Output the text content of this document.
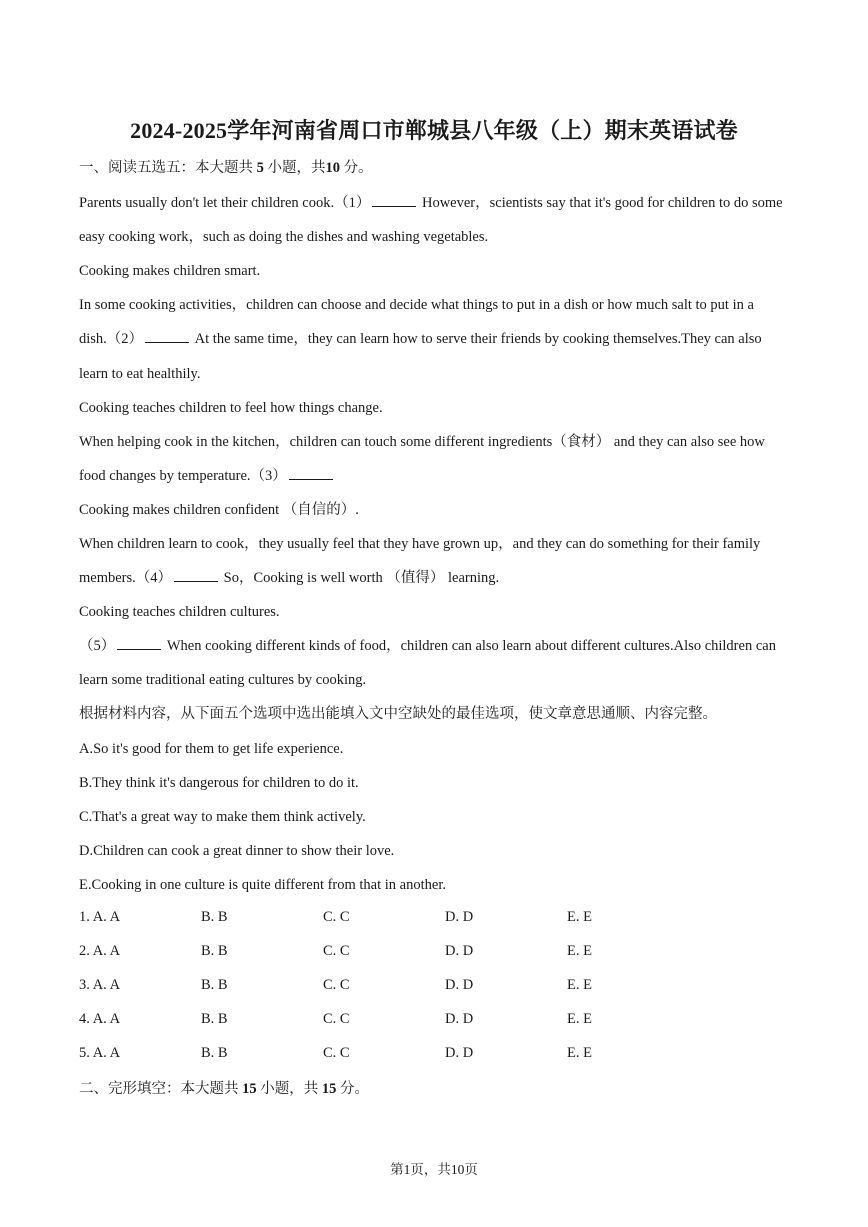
2024-2025学年河南省周口市郸城县八年级（上）期末英语试卷
一、阅读五选五：本大题共 5 小题，共10 分。
Parents usually don't let their children cook.（1）	However，scientists say that it's good for children to do some
easy cooking work，such as doing the dishes and washing vegetables.
Cooking makes children smart.
In some cooking activities，children can choose and decide what things to put in a dish or how much salt to put in a
dish.（2）	At the same time，they can learn how to serve their friends by cooking themselves.They can also
learn to eat healthily.
Cooking teaches children to feel how things change.
When helping cook in the kitchen，children can touch some different ingredients（食材） and they can also see how
food changes by temperature.（3）
Cooking makes children confident （自信的）.
When children learn to cook，they usually feel that they have grown up，and they can do something for their family
members.（4）	So，Cooking is well worth （值得） learning.
Cooking teaches children cultures.
（5）	When cooking different kinds of food，children can also learn about different cultures.Also children can
learn some traditional eating cultures by cooking.
根据材料内容，从下面五个选项中选出能填入文中空缺处的最佳选项，使文章意思通顺、内容完整。
A.So it's good for them to get life experience.
B.They think it's dangerous for children to do it.
C.That's a great way to make them think actively.
D.Children can cook a great dinner to show their love.
E.Cooking in one culture is quite different from that in another.
1. A. A	B. B	C. C	D. D	E. E
2. A. A	B. B	C. C	D. D	E. E
3. A. A	B. B	C. C	D. D	E. E
4. A. A	B. B	C. C	D. D	E. E
5. A. A	B. B	C. C	D. D	E. E
二、完形填空：本大题共 15 小题，共 15 分。
第1页，共10页
